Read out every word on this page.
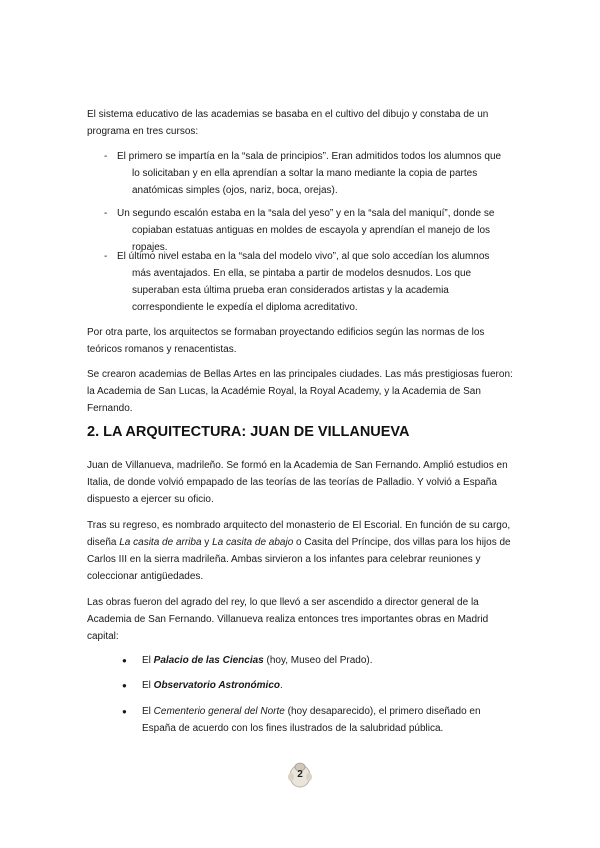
El sistema educativo de las academias se basaba en el cultivo del dibujo y constaba de un programa en tres cursos:

- El primero se impartía en la “sala de principios”. Eran admitidos todos los alumnos que
lo solicitaban y en ella aprendían a soltar la mano mediante la copia de partes anatómicas simples (ojos, nariz, boca, orejas).
- Un segundo escalón estaba en la “sala del yeso” y en la “sala del maniquí”, donde se
copiaban estatuas antiguas en moldes de escayola y aprendían el manejo de los ropajes.
- El último nivel estaba en la “sala del modelo vivo”, al que solo accedían los alumnos
más aventajados. En ella, se pintaba a partir de modelos desnudos. Los que superaban esta última prueba eran considerados artistas y la academia correspondiente le expedía el diploma acreditativo.

Por otra parte, los arquitectos se formaban proyectando edificios según las normas de los teóricos romanos y renacentistas.

Se crearon academias de Bellas Artes en las principales ciudades. Las más prestigiosas fueron: la Academia de San Lucas, la Académie Royal, la Royal Academy, y la Academia de San Fernando.

2. LA ARQUITECTURA: JUAN DE VILLANUEVA

Juan de Villanueva, madrileño. Se formó en la Academia de San Fernando. Amplió estudios en Italia, de donde volvió empapado de las teorías de las teorías de Palladio. Y volvió a España dispuesto a ejercer su oficio.

Tras su regreso, es nombrado arquitecto del monasterio de El Escorial. En función de su cargo, diseña La casita de arriba y La casita de abajo o Casita del Príncipe, dos villas para los hijos de Carlos III en la sierra madrileña. Ambas sirvieron a los infantes para celebrar reuniones y coleccionar antigüedades.

Las obras fueron del agrado del rey, lo que llevó a ser ascendido a director general de la Academia de San Fernando. Villanueva realiza entonces tres importantes obras en Madrid capital:

●	El Palacio de las Ciencias (hoy, Museo del Prado).
●	El Observatorio Astronómico.
●	El Cementerio general del Norte (hoy desaparecido), el primero diseñado en España de acuerdo con los fines ilustrados de la salubridad pública.
2
